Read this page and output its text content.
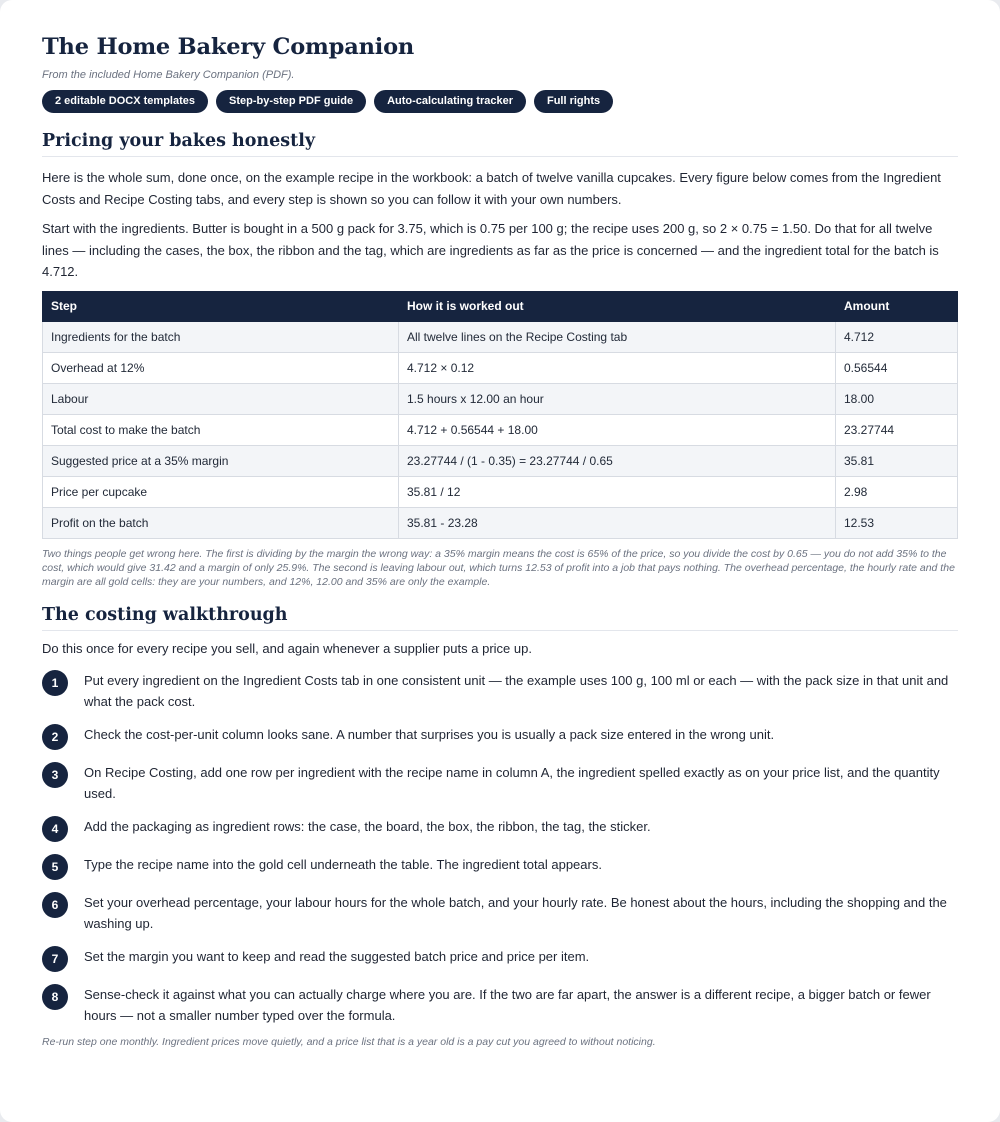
The Home Bakery Companion
From the included Home Bakery Companion (PDF).
2 editable DOCX templates	Step-by-step PDF guide	Auto-calculating tracker	Full rights
Pricing your bakes honestly

Here is the whole sum, done once, on the example recipe in the workbook: a batch of twelve vanilla cupcakes. Every figure below comes from the Ingredient Costs and Recipe Costing tabs, and every step is shown so you can follow it with your own numbers.

Start with the ingredients. Butter is bought in a 500 g pack for 3.75, which is 0.75 per 100 g; the recipe uses 200 g, so 2 × 0.75 = 1.50. Do that for all twelve lines — including the cases, the box, the ribbon and the tag, which are ingredients as far as the price is concerned — and the ingredient total for the batch is 4.712.

Step	How it is worked out	Amount
Ingredients for the batch	All twelve lines on the Recipe Costing tab	4.712
Overhead at 12%	4.712 × 0.12	0.56544
Labour	1.5 hours x 12.00 an hour	18.00
Total cost to make the batch	4.712 + 0.56544 + 18.00	23.27744
Suggested price at a 35% margin	23.27744 / (1 - 0.35) = 23.27744 / 0.65	35.81
Price per cupcake	35.81 / 12	2.98
Profit on the batch	35.81 - 23.28	12.53
Two things people get wrong here. The first is dividing by the margin the wrong way: a 35% margin means the cost is 65% of the price, so you divide the cost by 0.65 — you do not add 35% to the cost, which would give 31.42 and a margin of only 25.9%. The second is leaving labour out, which turns 12.53 of profit into a job that pays nothing. The overhead percentage, the hourly rate and the margin are all gold cells: they are your numbers, and 12%, 12.00 and 35% are only the example.
The costing walkthrough
Do this once for every recipe you sell, and again whenever a supplier puts a price up.
1	Put every ingredient on the Ingredient Costs tab in one consistent unit — the example uses 100 g, 100 ml or each — with the pack size in that unit and what the pack cost.
2	Check the cost-per-unit column looks sane. A number that surprises you is usually a pack size entered in the wrong unit.
3	On Recipe Costing, add one row per ingredient with the recipe name in column A, the ingredient spelled exactly as on your price list, and the quantity used.
4	Add the packaging as ingredient rows: the case, the board, the box, the ribbon, the tag, the sticker.
5	Type the recipe name into the gold cell underneath the table. The ingredient total appears.
6	Set your overhead percentage, your labour hours for the whole batch, and your hourly rate. Be honest about the hours, including the shopping and the washing up.
7	Set the margin you want to keep and read the suggested batch price and price per item.
8	Sense-check it against what you can actually charge where you are. If the two are far apart, the answer is a different recipe, a bigger batch or fewer hours — not a smaller number typed over the formula.
Re-run step one monthly. Ingredient prices move quietly, and a price list that is a year old is a pay cut you agreed to without noticing.
